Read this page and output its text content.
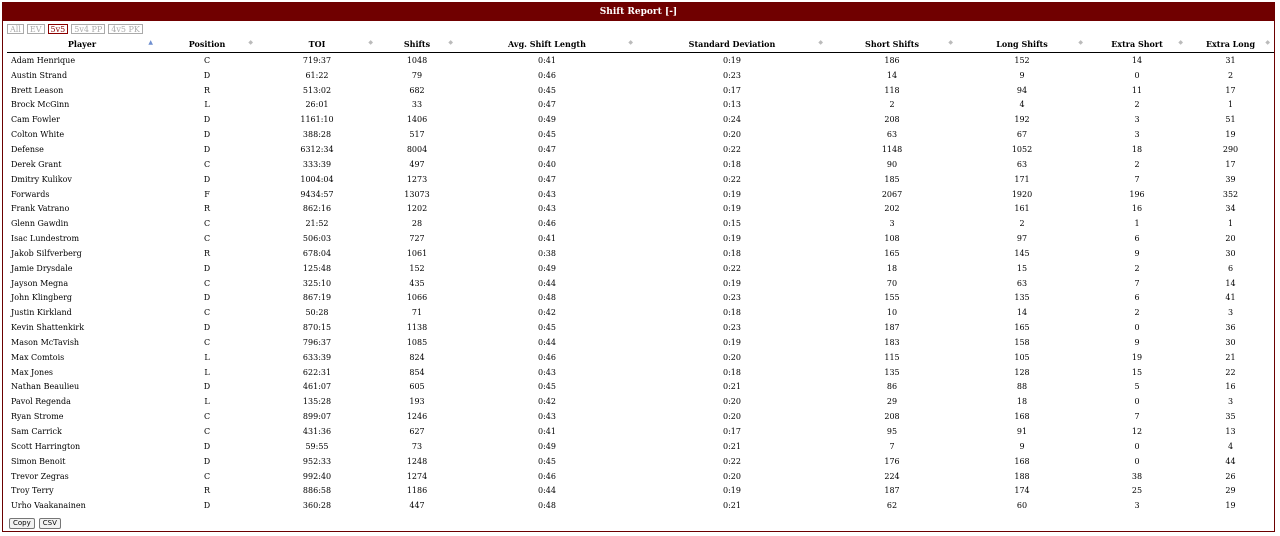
Shift Report [-]
All	EV	5v5	5v4 PP	4v5 PK
Player ▲	Position ◆	TOI ◆	Shifts ◆	Avg. Shift Length ◆	Standard Deviation ◆	Short Shifts ◆	Long Shifts ◆	Extra Short ◆	Extra Long ◆

Adam Henrique	C	719:37	1048	0:41	0:19	186	152	14	31
Austin Strand	D	61:22	79	0:46	0:23	14	9	0	2
Brett Leason	R	513:02	682	0:45	0:17	118	94	11	17
Brock McGinn	L	26:01	33	0:47	0:13	2	4	2	1
Cam Fowler	D	1161:10	1406	0:49	0:24	208	192	3	51
Colton White	D	388:28	517	0:45	0:20	63	67	3	19
Defense	D	6312:34	8004	0:47	0:22	1148	1052	18	290
Derek Grant	C	333:39	497	0:40	0:18	90	63	2	17
Dmitry Kulikov	D	1004:04	1273	0:47	0:22	185	171	7	39
Forwards	F	9434:57	13073	0:43	0:19	2067	1920	196	352
Frank Vatrano	R	862:16	1202	0:43	0:19	202	161	16	34
Glenn Gawdin	C	21:52	28	0:46	0:15	3	2	1	1
Isac Lundestrom	C	506:03	727	0:41	0:19	108	97	6	20
Jakob Silfverberg	R	678:04	1061	0:38	0:18	165	145	9	30
Jamie Drysdale	D	125:48	152	0:49	0:22	18	15	2	6
Jayson Megna	C	325:10	435	0:44	0:19	70	63	7	14
John Klingberg	D	867:19	1066	0:48	0:23	155	135	6	41
Justin Kirkland	C	50:28	71	0:42	0:18	10	14	2	3
Kevin Shattenkirk	D	870:15	1138	0:45	0:23	187	165	0	36
Mason McTavish	C	796:37	1085	0:44	0:19	183	158	9	30
Max Comtois	L	633:39	824	0:46	0:20	115	105	19	21
Max Jones	L	622:31	854	0:43	0:18	135	128	15	22
Nathan Beaulieu	D	461:07	605	0:45	0:21	86	88	5	16
Pavol Regenda	L	135:28	193	0:42	0:20	29	18	0	3
Ryan Strome	C	899:07	1246	0:43	0:20	208	168	7	35
Sam Carrick	C	431:36	627	0:41	0:17	95	91	12	13
Scott Harrington	D	59:55	73	0:49	0:21	7	9	0	4
Simon Benoit	D	952:33	1248	0:45	0:22	176	168	0	44
Trevor Zegras	C	992:40	1274	0:46	0:20	224	188	38	26
Troy Terry	R	886:58	1186	0:44	0:19	187	174	25	29
Urho Vaakanainen	D	360:28	447	0:48	0:21	62	60	3	19
Copy	CSV
